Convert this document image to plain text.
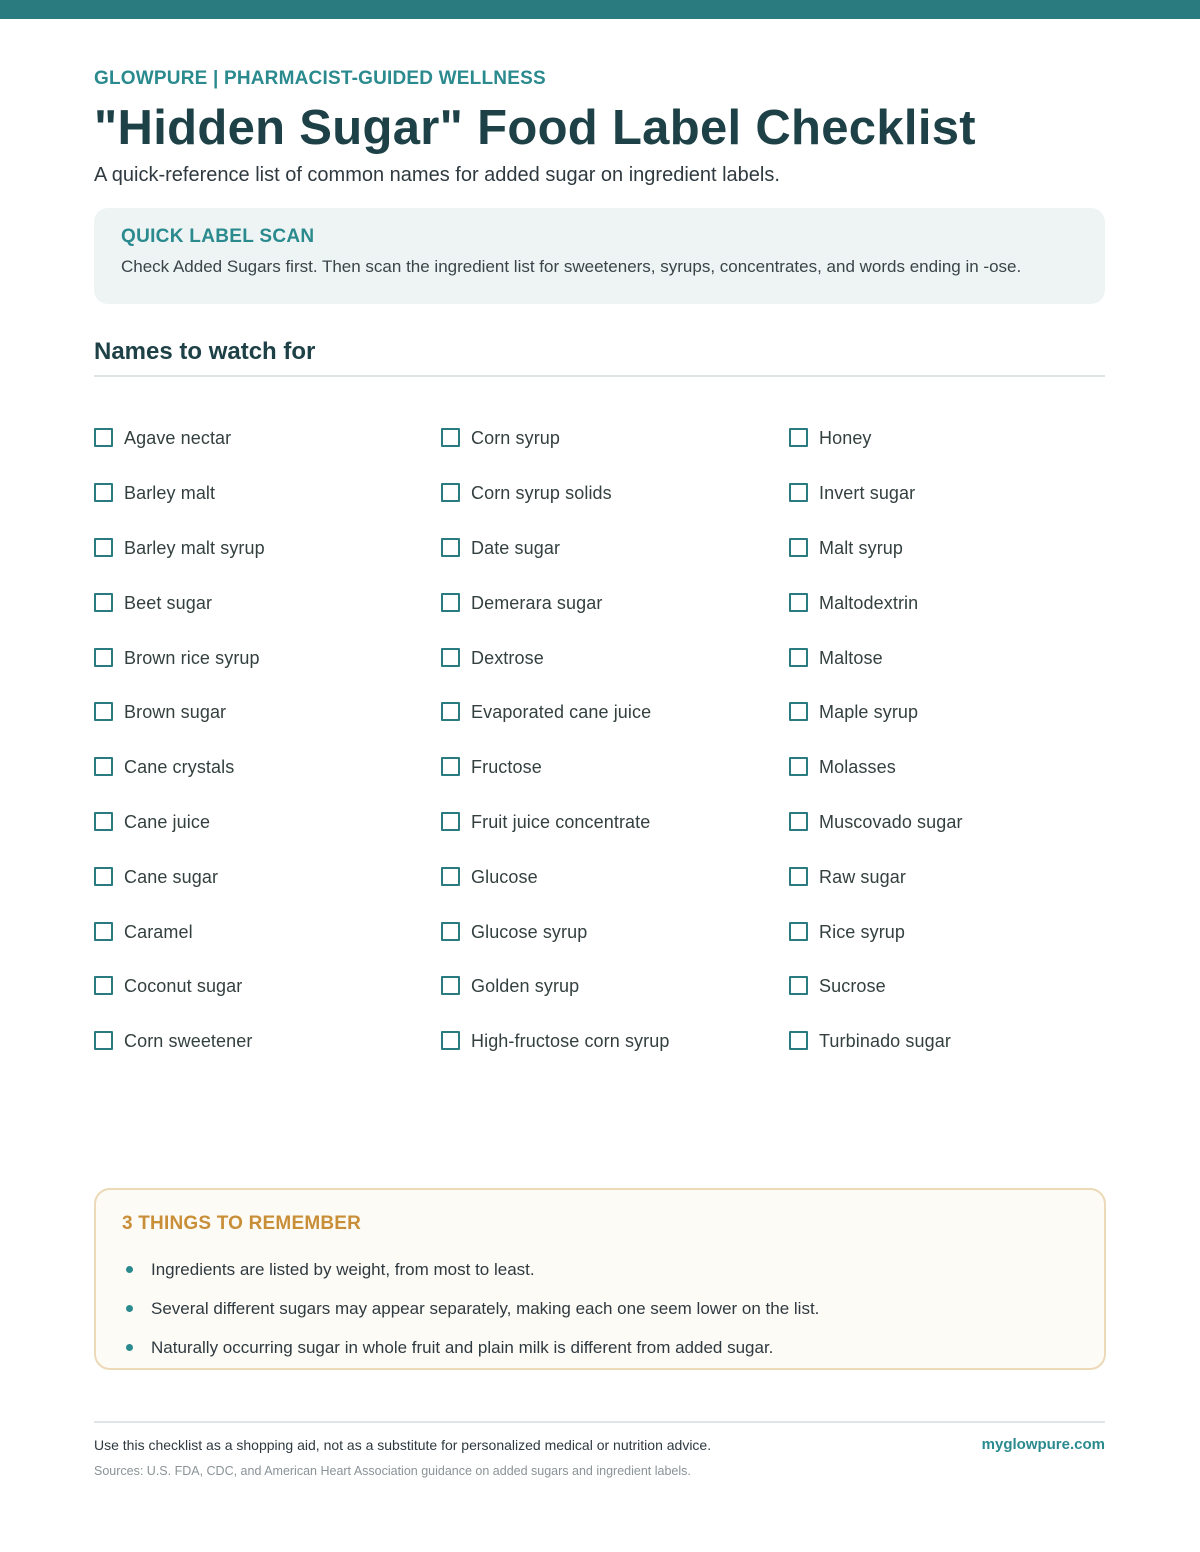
GLOWPURE | PHARMACIST-GUIDED WELLNESS
"Hidden Sugar" Food Label Checklist

A quick-reference list of common names for added sugar on ingredient labels.

QUICK LABEL SCAN
Check Added Sugars first. Then scan the ingredient list for sweeteners, syrups, concentrates, and words ending in -ose.
Names to watch for
Agave nectar
Barley malt
Barley malt syrup
Beet sugar
Brown rice syrup
Brown sugar
Cane crystals
Cane juice
Cane sugar
Caramel
Coconut sugar
Corn sweetener
Corn syrup
Corn syrup solids
Date sugar
Demerara sugar
Dextrose
Evaporated cane juice
Fructose
Fruit juice concentrate
Glucose
Glucose syrup
Golden syrup
High-fructose corn syrup
Honey
Invert sugar
Malt syrup
Maltodextrin
Maltose
Maple syrup
Molasses
Muscovado sugar
Raw sugar
Rice syrup
Sucrose
Turbinado sugar
3 THINGS TO REMEMBER
Ingredients are listed by weight, from most to least.
Several different sugars may appear separately, making each one seem lower on the list.
Naturally occurring sugar in whole fruit and plain milk is different from added sugar.
Use this checklist as a shopping aid, not as a substitute for personalized medical or nutrition advice.	myglowpure.com
Sources: U.S. FDA, CDC, and American Heart Association guidance on added sugars and ingredient labels.
